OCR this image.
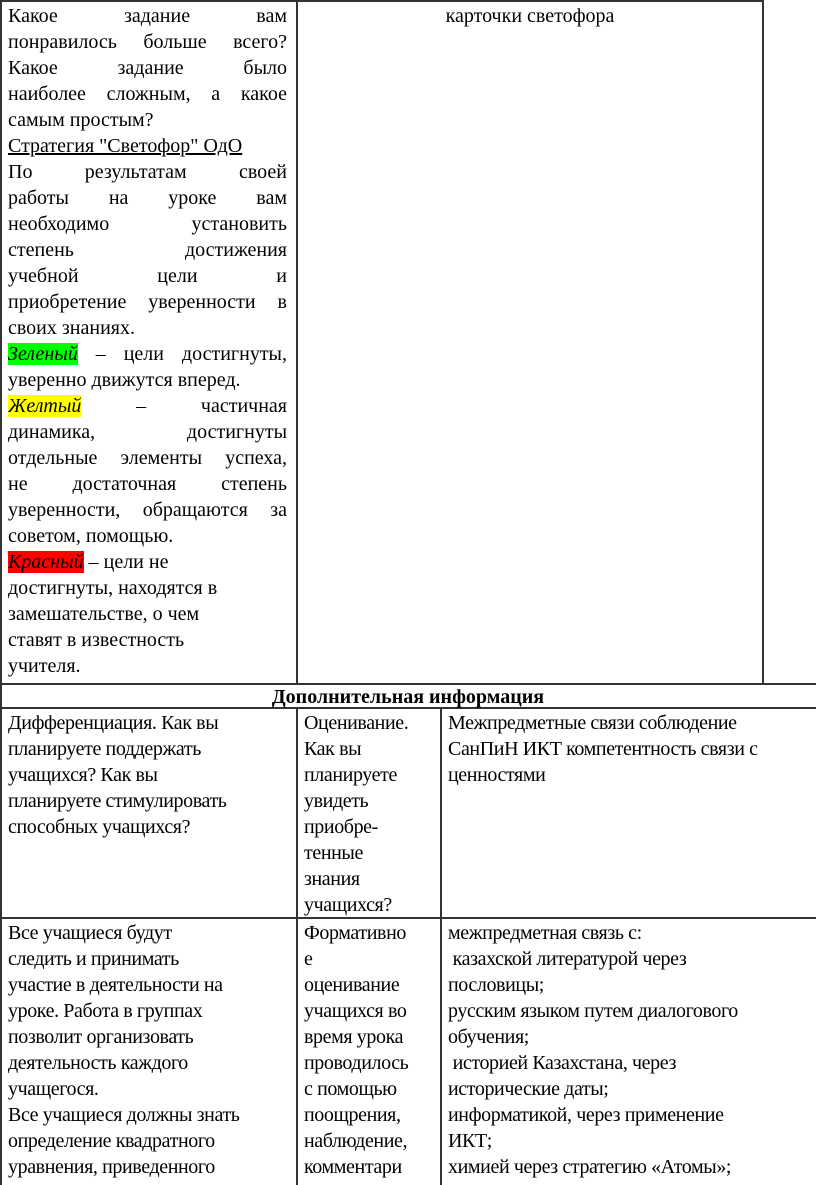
Какое задание вам
понравилось больше всего?
Какое задание было
наиболее сложным, а какое
самым простым?
Стратегия "Светофор" ОдО
По результатам своей
работы на уроке вам
необходимо установить
степень достижения
учебной цели и
приобретение уверенности в
своих знаниях.
Зеленый – цели достигнуты,
уверенно движутся вперед.
Желтый – частичная
динамика, достигнуты
отдельные элементы успеха,
не достаточная степень
уверенности, обращаются за
советом, помощью.
Красный – цели не
достигнуты, находятся в
замешательстве, о чем
ставят в известность
учителя.
карточки светофора
Дополнительная информация
Дифференциация. Как вы
планируете поддержать
учащихся? Как вы
планируете стимулировать
способных учащихся?
Оценивание.
Как вы
планируете
увидеть
приобре-
тенные
знания
учащихся?
Межпредметные связи соблюдение
СанПиН ИКТ компетентность связи с
ценностями
Все учащиеся будут
следить и принимать
участие в деятельности на
уроке. Работа в группах
позволит организовать
деятельность каждого
учащегося.
Все учащиеся должны знать
определение квадратного
уравнения, приведенного
Формативно
е
оценивание
учащихся во
время урока
проводилось
с помощью
поощрения,
наблюдение,
комментари
межпредметная связь с:
казахской литературой через
пословицы;
русским языком путем диалогового
обучения;
историей Казахстана, через
исторические даты;
информатикой, через применение
ИКТ;
химией через стратегию «Атомы»;
